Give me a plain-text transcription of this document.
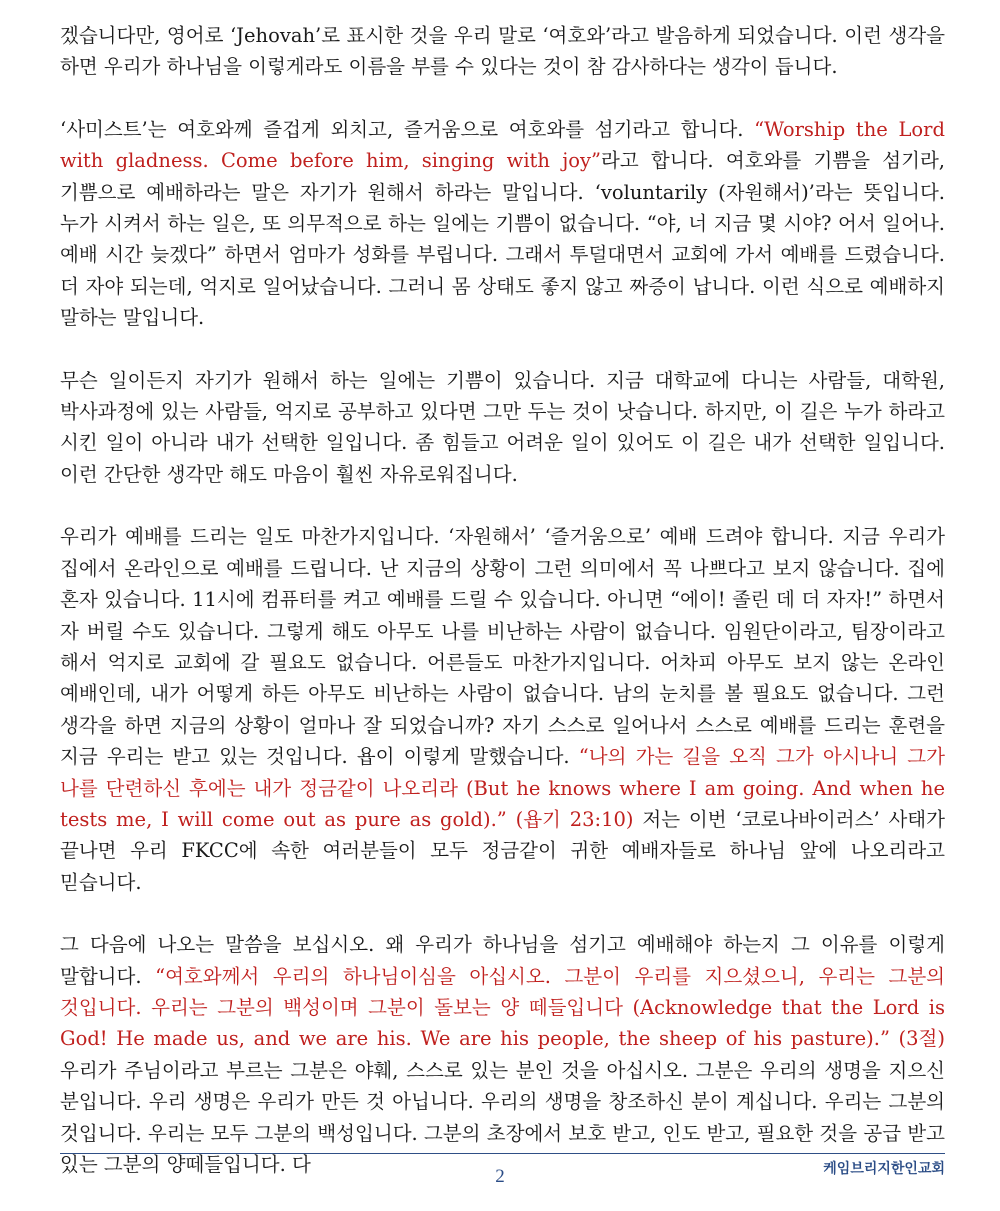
겠습니다만, 영어로 ‘Jehovah’로 표시한 것을 우리 말로 ‘여호와’라고 발음하게 되었습니다. 이런 생각을 하면 우리가 하나님을 이렇게라도 이름을 부를 수 있다는 것이 참 감사하다는 생각이 듭니다.

‘사미스트’는 여호와께 즐겁게 외치고, 즐거움으로 여호와를 섬기라고 합니다. “Worship the Lord with gladness. Come before him, singing with joy”라고 합니다. 여호와를 기쁨을 섬기라, 기쁨으로 예배하라는 말은 자기가 원해서 하라는 말입니다. ‘voluntarily (자원해서)’라는 뜻입니다. 누가 시켜서 하는 일은, 또 의무적으로 하는 일에는 기쁨이 없습니다. “야, 너 지금 몇 시야? 어서 일어나. 예배 시간 늦겠다” 하면서 엄마가 성화를 부립니다. 그래서 투덜대면서 교회에 가서 예배를 드렸습니다. 더 자야 되는데, 억지로 일어났습니다. 그러니 몸 상태도 좋지 않고 짜증이 납니다. 이런 식으로 예배하지 말하는 말입니다.

무슨 일이든지 자기가 원해서 하는 일에는 기쁨이 있습니다. 지금 대학교에 다니는 사람들, 대학원, 박사과정에 있는 사람들, 억지로 공부하고 있다면 그만 두는 것이 낫습니다. 하지만, 이 길은 누가 하라고 시킨 일이 아니라 내가 선택한 일입니다. 좀 힘들고 어려운 일이 있어도 이 길은 내가 선택한 일입니다. 이런 간단한 생각만 해도 마음이 훨씬 자유로워집니다.

우리가 예배를 드리는 일도 마찬가지입니다. ‘자원해서’ ‘즐거움으로’ 예배 드려야 합니다. 지금 우리가 집에서 온라인으로 예배를 드립니다. 난 지금의 상황이 그런 의미에서 꼭 나쁘다고 보지 않습니다. 집에 혼자 있습니다. 11시에 컴퓨터를 켜고 예배를 드릴 수 있습니다. 아니면 “에이! 졸린 데 더 자자!” 하면서 자 버릴 수도 있습니다. 그렇게 해도 아무도 나를 비난하는 사람이 없습니다. 임원단이라고, 팀장이라고 해서 억지로 교회에 갈 필요도 없습니다. 어른들도 마찬가지입니다. 어차피 아무도 보지 않는 온라인 예배인데, 내가 어떻게 하든 아무도 비난하는 사람이 없습니다. 남의 눈치를 볼 필요도 없습니다. 그런 생각을 하면 지금의 상황이 얼마나 잘 되었습니까? 자기 스스로 일어나서 스스로 예배를 드리는 훈련을 지금 우리는 받고 있는 것입니다. 욥이 이렇게 말했습니다. “나의 가는 길을 오직 그가 아시나니 그가 나를 단련하신 후에는 내가 정금같이 나오리라 (But he knows where I am going. And when he tests me, I will come out as pure as gold).” (욥기 23:10) 저는 이번 ‘코로나바이러스’ 사태가 끝나면 우리 FKCC에 속한 여러분들이 모두 정금같이 귀한 예배자들로 하나님 앞에 나오리라고 믿습니다.

그 다음에 나오는 말씀을 보십시오. 왜 우리가 하나님을 섬기고 예배해야 하는지 그 이유를 이렇게 말합니다. “여호와께서 우리의 하나님이심을 아십시오. 그분이 우리를 지으셨으니, 우리는 그분의 것입니다. 우리는 그분의 백성이며 그분이 돌보는 양 떼들입니다 (Acknowledge that the Lord is God! He made us, and we are his. We are his people, the sheep of his pasture).” (3절) 우리가 주님이라고 부르는 그분은 야훼, 스스로 있는 분인 것을 아십시오. 그분은 우리의 생명을 지으신 분입니다. 우리 생명은 우리가 만든 것 아닙니다. 우리의 생명을 창조하신 분이 계십니다. 우리는 그분의 것입니다. 우리는 모두 그분의 백성입니다. 그분의 초장에서 보호 받고, 인도 받고, 필요한 것을 공급 받고 있는 그분의 양떼들입니다. 다

2	케임브리지한인교회
